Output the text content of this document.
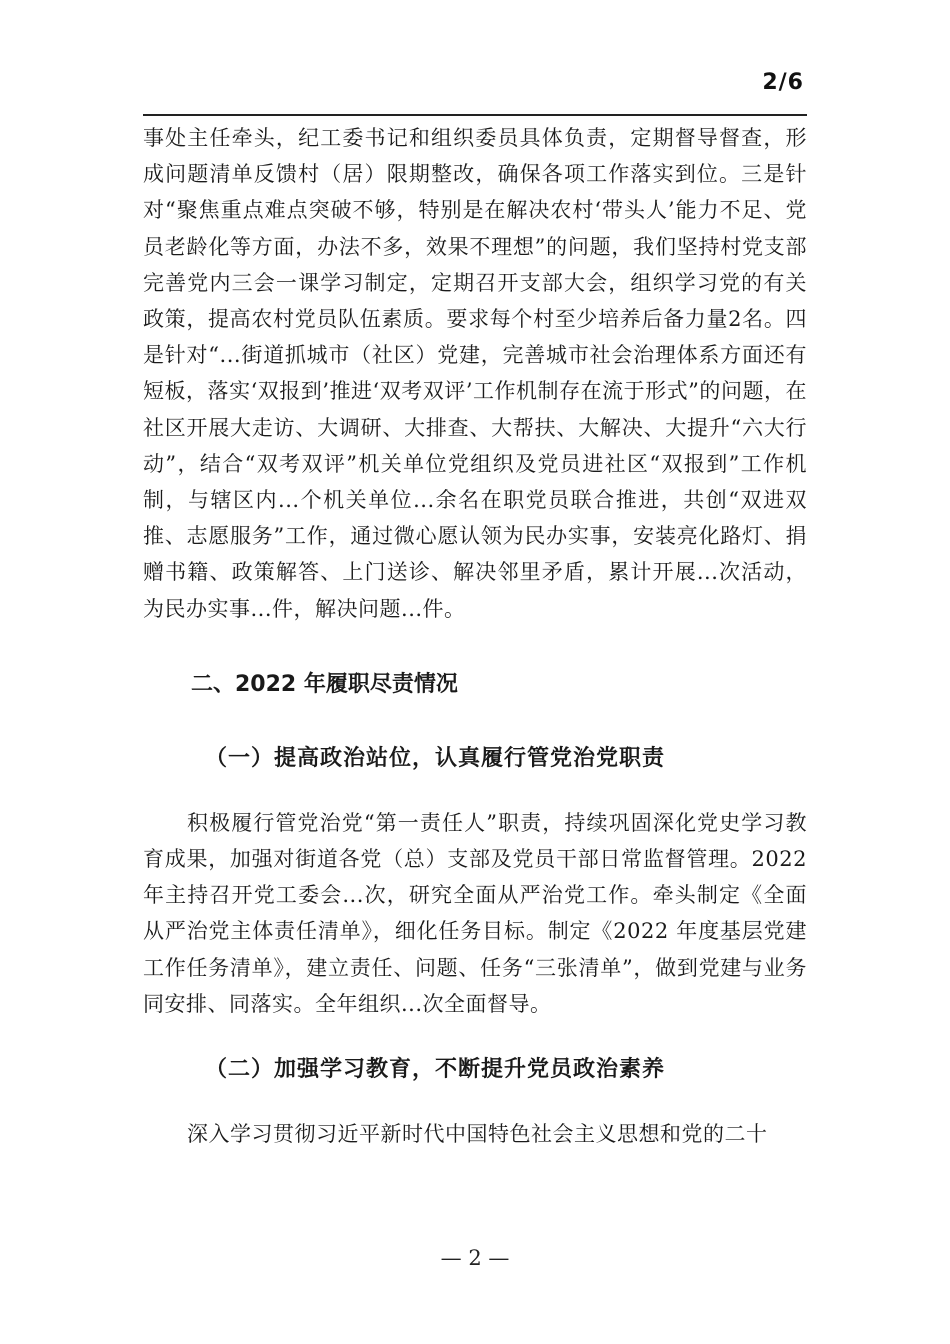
2/6

事处主任牵头，纪工委书记和组织委员具体负责，定期督导督查，形成问题清单反馈村（居）限期整改，确保各项工作落实到位。三是针对“聚焦重点难点突破不够，特别是在解决农村‘带头人’能力不足、党员老龄化等方面，办法不多，效果不理想”的问题，我们坚持村党支部完善党内三会一课学习制定，定期召开支部大会，组织学习党的有关政策，提高农村党员队伍素质。要求每个村至少培养后备力量2名。四是针对“...街道抓城市（社区）党建，完善城市社会治理体系方面还有短板，落实‘双报到’推进‘双考双评’工作机制存在流于形式”的问题，在社区开展大走访、大调研、大排查、大帮扶、大解决、大提升“六大行动”，结合“双考双评”机关单位党组织及党员进社区“双报到”工作机制，与辖区内...个机关单位...余名在职党员联合推进，共创“双进双推、志愿服务”工作，通过微心愿认领为民办实事，安装亮化路灯、捐赠书籍、政策解答、上门送诊、解决邻里矛盾，累计开展...次活动，为民办实事...件，解决问题...件。

二、2022 年履职尽责情况
（一）提高政治站位，认真履行管党治党职责

积极履行管党治党“第一责任人”职责，持续巩固深化党史学习教育成果，加强对街道各党（总）支部及党员干部日常监督管理。2022 年主持召开党工委会...次，研究全面从严治党工作。牵头制定《全面从严治党主体责任清单》，细化任务目标。制定《2022 年度基层党建工作任务清单》，建立责任、问题、任务“三张清单”，做到党建与业务同安排、同落实。全年组织...次全面督导。

（二）加强学习教育，不断提升党员政治素养

深入学习贯彻习近平新时代中国特色社会主义思想和党的二十

— 2 —
